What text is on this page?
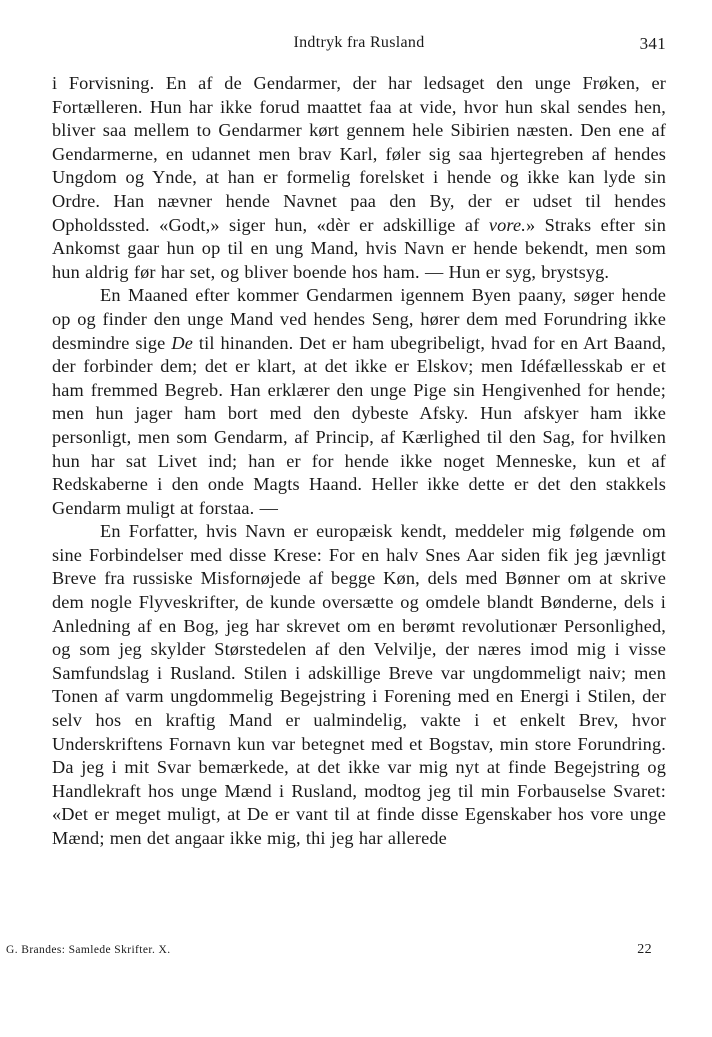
Indtryk fra Rusland	341

i Forvisning. En af de Gendarmer, der har ledsaget den unge Frøken, er Fortælleren. Hun har ikke forud maattet faa at vide, hvor hun skal sendes hen, bliver saa mellem to Gendarmer kørt gennem hele Sibirien næsten. Den ene af Gendarmerne, en udannet men brav Karl, føler sig saa hjertegreben af hendes Ungdom og Ynde, at han er formelig forelsket i hende og ikke kan lyde sin Ordre. Han nævner hende Navnet paa den By, der er udset til hendes Opholdssted. «Godt,» siger hun, «dèr er adskillige af vore.» Straks efter sin Ankomst gaar hun op til en ung Mand, hvis Navn er hende bekendt, men som hun aldrig før har set, og bliver boende hos ham. — Hun er syg, brystsyg.

En Maaned efter kommer Gendarmen igennem Byen paany, søger hende op og finder den unge Mand ved hendes Seng, hører dem med Forundring ikke desmindre sige De til hinanden. Det er ham ubegribeligt, hvad for en Art Baand, der forbinder dem; det er klart, at det ikke er Elskov; men Idéfællesskab er et ham fremmed Begreb. Han erklærer den unge Pige sin Hengivenhed for hende; men hun jager ham bort med den dybeste Afsky. Hun afskyer ham ikke personligt, men som Gendarm, af Princip, af Kærlighed til den Sag, for hvilken hun har sat Livet ind; han er for hende ikke noget Menneske, kun et af Redskaberne i den onde Magts Haand. Heller ikke dette er det den stakkels Gendarm muligt at forstaa. —

En Forfatter, hvis Navn er europæisk kendt, meddeler mig følgende om sine Forbindelser med disse Krese: For en halv Snes Aar siden fik jeg jævnligt Breve fra russiske Misfornøjede af begge Køn, dels med Bønner om at skrive dem nogle Flyveskrifter, de kunde oversætte og omdele blandt Bønderne, dels i Anledning af en Bog, jeg har skrevet om en berømt revolutionær Personlighed, og som jeg skylder Størstedelen af den Velvilje, der næres imod mig i visse Samfundslag i Rusland. Stilen i adskillige Breve var ungdommeligt naiv; men Tonen af varm ungdommelig Begejstring i Forening med en Energi i Stilen, der selv hos en kraftig Mand er ualmindelig, vakte i et enkelt Brev, hvor Underskriftens Fornavn kun var betegnet med et Bogstav, min store Forundring. Da jeg i mit Svar bemærkede, at det ikke var mig nyt at finde Begejstring og Handlekraft hos unge Mænd i Rusland, modtog jeg til min Forbauselse Svaret: «Det er meget muligt, at De er vant til at finde disse Egenskaber hos vore unge Mænd; men det angaar ikke mig, thi jeg har allerede

G. Brandes: Samlede Skrifter. X.	22
